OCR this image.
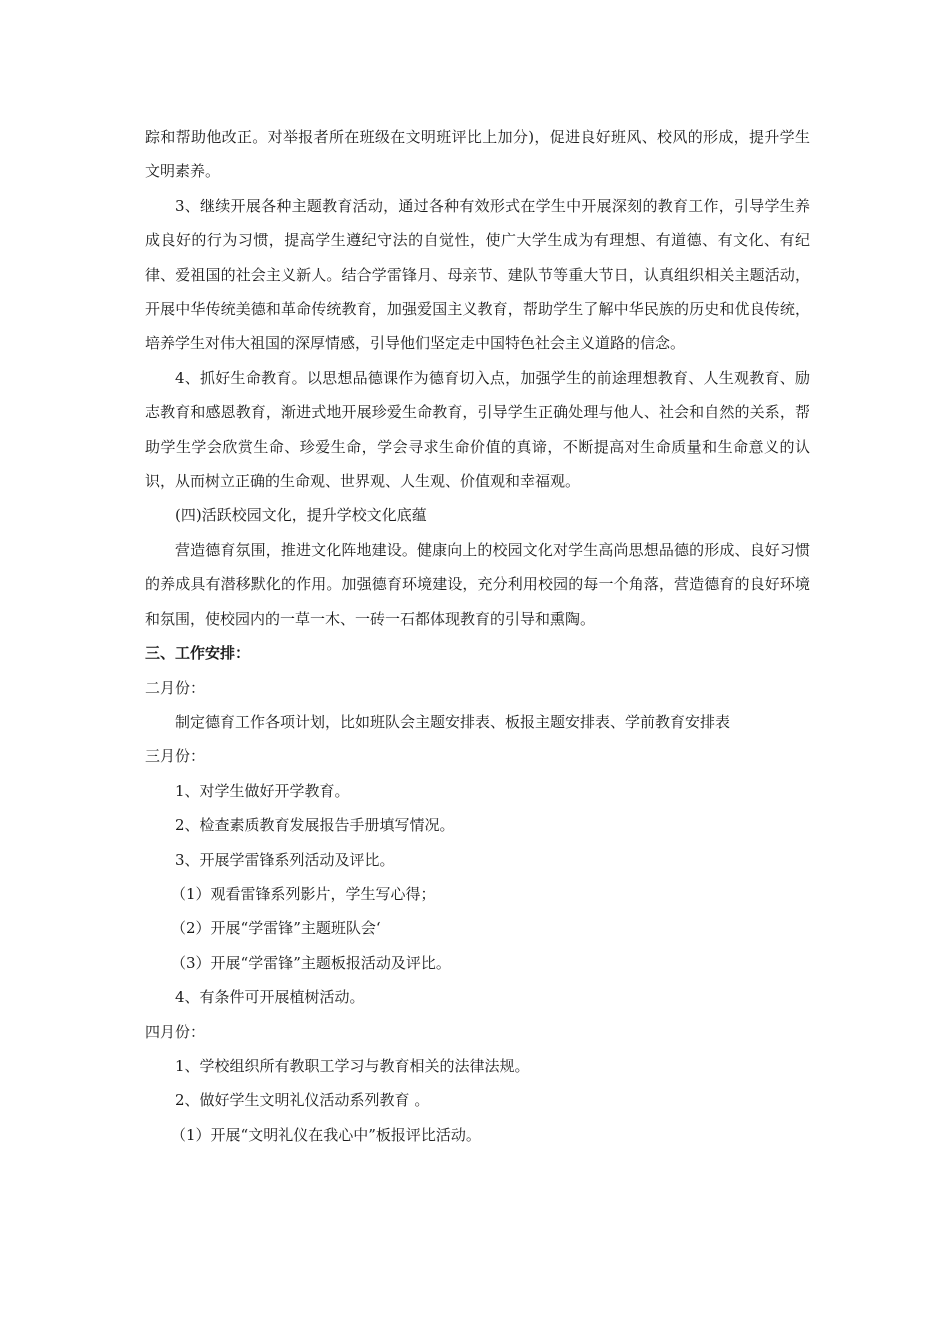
踪和帮助他改正。对举报者所在班级在文明班评比上加分)，促进良好班风、校风的形成，提升学生文明素养。

3、继续开展各种主题教育活动，通过各种有效形式在学生中开展深刻的教育工作，引导学生养成良好的行为习惯，提高学生遵纪守法的自觉性，使广大学生成为有理想、有道德、有文化、有纪律、爱祖国的社会主义新人。结合学雷锋月、母亲节、建队节等重大节日，认真组织相关主题活动，开展中华传统美德和革命传统教育，加强爱国主义教育，帮助学生了解中华民族的历史和优良传统，培养学生对伟大祖国的深厚情感，引导他们坚定走中国特色社会主义道路的信念。

4、抓好生命教育。以思想品德课作为德育切入点，加强学生的前途理想教育、人生观教育、励志教育和感恩教育，渐进式地开展珍爱生命教育，引导学生正确处理与他人、社会和自然的关系，帮助学生学会欣赏生命、珍爱生命，学会寻求生命价值的真谛，不断提高对生命质量和生命意义的认识，从而树立正确的生命观、世界观、人生观、价值观和幸福观。

(四)活跃校园文化，提升学校文化底蕴

营造德育氛围，推进文化阵地建设。健康向上的校园文化对学生高尚思想品德的形成、良好习惯的养成具有潜移默化的作用。加强德育环境建设，充分利用校园的每一个角落，营造德育的良好环境和氛围，使校园内的一草一木、一砖一石都体现教育的引导和熏陶。

三、工作安排：

二月份：

制定德育工作各项计划，比如班队会主题安排表、板报主题安排表、学前教育安排表

三月份：

1、对学生做好开学教育。

2、检查素质教育发展报告手册填写情况。

3、开展学雷锋系列活动及评比。

（1）观看雷锋系列影片，学生写心得；

（2）开展“学雷锋”主题班队会‘

（3）开展“学雷锋”主题板报活动及评比。

4、有条件可开展植树活动。

四月份：

1、学校组织所有教职工学习与教育相关的法律法规。

2、做好学生文明礼仪活动系列教育 。

（1）开展“文明礼仪在我心中”板报评比活动。
